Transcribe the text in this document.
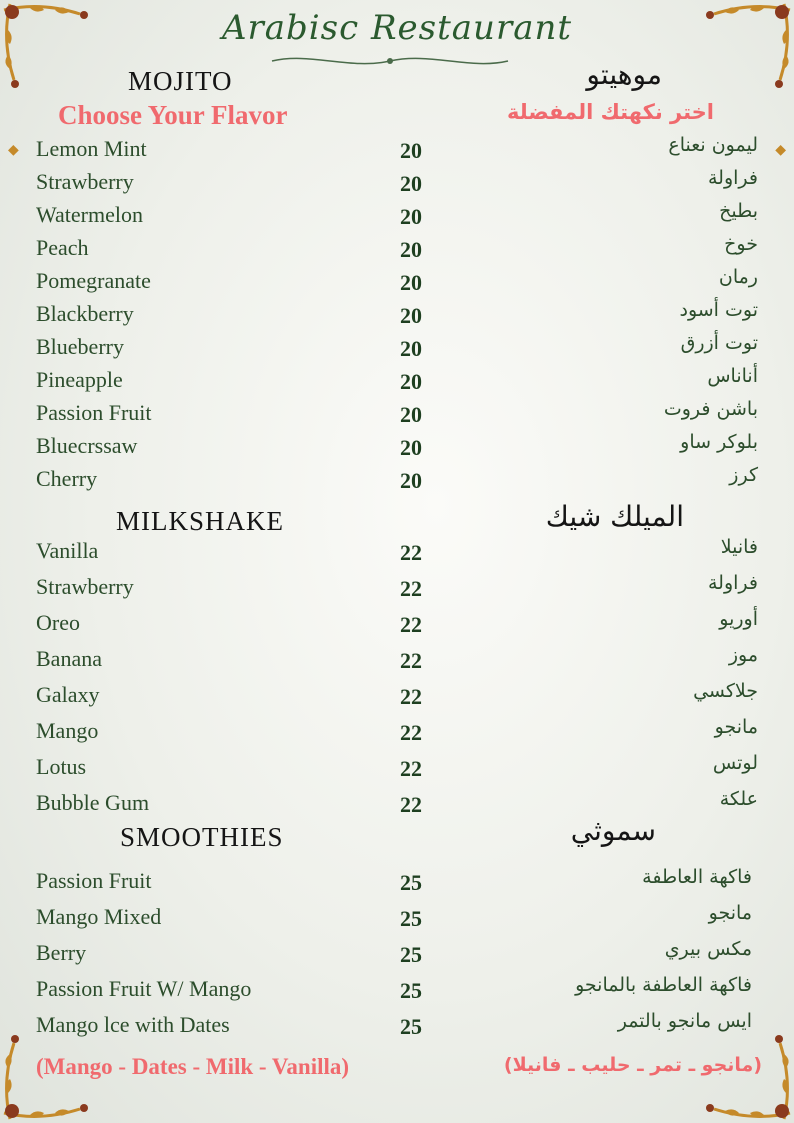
◆	◆
Arabisc Restaurant
MOJITO	موهيتو
Choose Your Flavor	اختر نكهتك المفضلة
Lemon Mint	20	ليمون نعناع
Strawberry	20	فراولة
Watermelon	20	بطيخ
Peach	20	خوخ
Pomegranate	20	رمان
Blackberry	20	توت أسود
Blueberry	20	توت أزرق
Pineapple	20	أناناس
Passion Fruit	20	باشن فروت
Bluecrssaw	20	بلوكر ساو
Cherry	20	كرز
MILKSHAKE	الميلك شيك
Vanilla	22	فانيلا
Strawberry	22	فراولة
Oreo	22	أوريو
Banana	22	موز
Galaxy	22	جلاكسي
Mango	22	مانجو
Lotus	22	لوتس
Bubble Gum	22	علكة
SMOOTHIES	سموثي
Passion Fruit	25	فاكهة العاطفة
Mango Mixed	25	مانجو
Berry	25	مكس بيري
Passion Fruit W/ Mango	25	فاكهة العاطفة بالمانجو
Mango lce with Dates	25	ايس مانجو بالتمر
(Mango - Dates - Milk - Vanilla)	(مانجو ـ تمر ـ حليب ـ فانيلا)
